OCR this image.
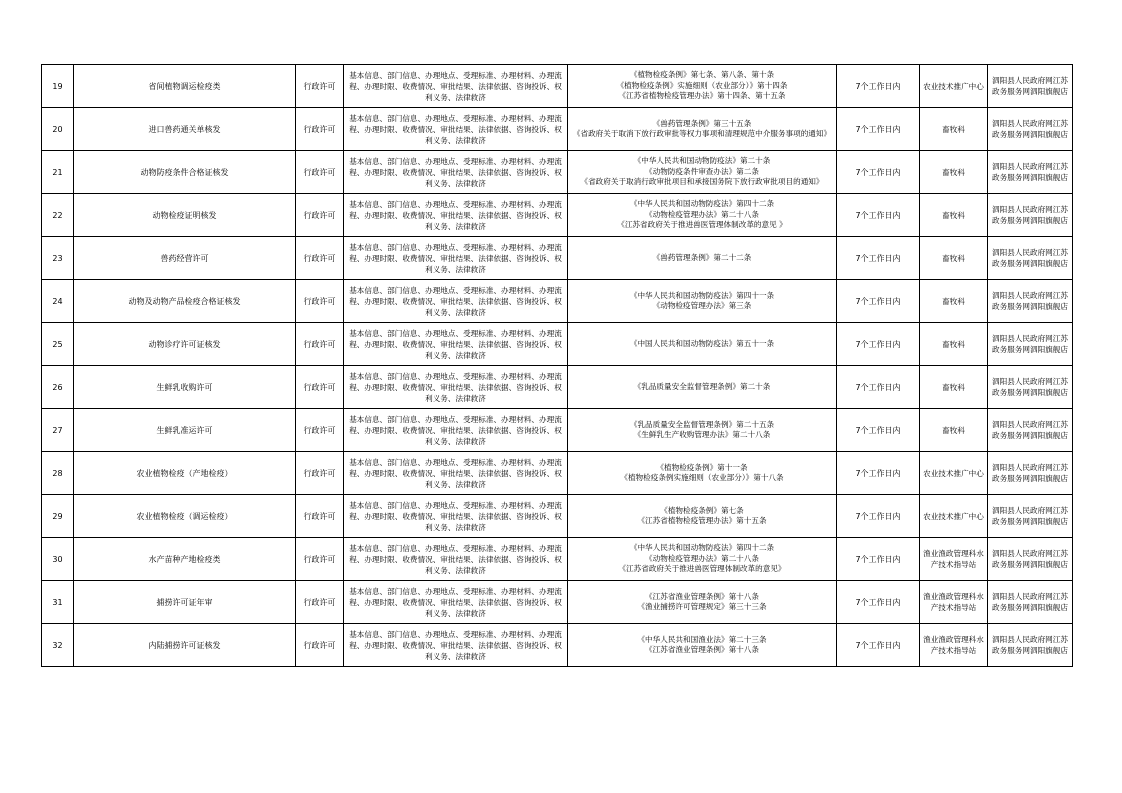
19	省间植物调运检疫类	行政许可	基本信息、部门信息、办理地点、受理标准、办理材料、办理流程、办理时限、收费情况、审批结果、法律依据、咨询投诉、权利义务、法律救济	《植物检疫条例》第七条、第八条、第十条
《植物检疫条例》实施细则（农业部分）》第十四条
《江苏省植物检疫管理办法》第十四条、第十五条	7个工作日内	农业技术推广中心	泗阳县人民政府网江苏政务服务网泗阳旗舰店
20	进口兽药通关单核发	行政许可	基本信息、部门信息、办理地点、受理标准、办理材料、办理流程、办理时限、收费情况、审批结果、法律依据、咨询投诉、权利义务、法律救济	《兽药管理条例》第三十五条
《省政府关于取消下放行政审批等权力事项和清理规范中介服务事项的通知》	7个工作日内	畜牧科	泗阳县人民政府网江苏政务服务网泗阳旗舰店
21	动物防疫条件合格证核发	行政许可	基本信息、部门信息、办理地点、受理标准、办理材料、办理流程、办理时限、收费情况、审批结果、法律依据、咨询投诉、权利义务、法律救济	《中华人民共和国动物防疫法》第二十条
《动物防疫条件审查办法》第二条
《省政府关于取消行政审批项目和承接国务院下放行政审批项目的通知》	7个工作日内	畜牧科	泗阳县人民政府网江苏政务服务网泗阳旗舰店
22	动物检疫证明核发	行政许可	基本信息、部门信息、办理地点、受理标准、办理材料、办理流程、办理时限、收费情况、审批结果、法律依据、咨询投诉、权利义务、法律救济	《中华人民共和国动物防疫法》第四十二条
《动物检疫管理办法》第二十八条
《江苏省政府关于推进兽医管理体制改革的意见 》	7个工作日内	畜牧科	泗阳县人民政府网江苏政务服务网泗阳旗舰店
23	兽药经营许可	行政许可	基本信息、部门信息、办理地点、受理标准、办理材料、办理流程、办理时限、收费情况、审批结果、法律依据、咨询投诉、权利义务、法律救济	《兽药管理条例》第二十二条	7个工作日内	畜牧科	泗阳县人民政府网江苏政务服务网泗阳旗舰店
24	动物及动物产品检疫合格证核发	行政许可	基本信息、部门信息、办理地点、受理标准、办理材料、办理流程、办理时限、收费情况、审批结果、法律依据、咨询投诉、权利义务、法律救济	《中华人民共和国动物防疫法》第四十一条
《动物检疫管理办法》第三条	7个工作日内	畜牧科	泗阳县人民政府网江苏政务服务网泗阳旗舰店
25	动物诊疗许可证核发	行政许可	基本信息、部门信息、办理地点、受理标准、办理材料、办理流程、办理时限、收费情况、审批结果、法律依据、咨询投诉、权利义务、法律救济	《中国人民共和国动物防疫法》第五十一条	7个工作日内	畜牧科	泗阳县人民政府网江苏政务服务网泗阳旗舰店
26	生鲜乳收购许可	行政许可	基本信息、部门信息、办理地点、受理标准、办理材料、办理流程、办理时限、收费情况、审批结果、法律依据、咨询投诉、权利义务、法律救济	《乳品质量安全监督管理条例》第二十条	7个工作日内	畜牧科	泗阳县人民政府网江苏政务服务网泗阳旗舰店
27	生鲜乳准运许可	行政许可	基本信息、部门信息、办理地点、受理标准、办理材料、办理流程、办理时限、收费情况、审批结果、法律依据、咨询投诉、权利义务、法律救济	《乳品质量安全监督管理条例》第二十五条
《生鲜乳生产收购管理办法》第二十八条	7个工作日内	畜牧科	泗阳县人民政府网江苏政务服务网泗阳旗舰店
28	农业植物检疫（产地检疫）	行政许可	基本信息、部门信息、办理地点、受理标准、办理材料、办理流程、办理时限、收费情况、审批结果、法律依据、咨询投诉、权利义务、法律救济	《植物检疫条例》第十一条
《植物检疫条例实施细则（农业部分）》第十八条	7个工作日内	农业技术推广中心	泗阳县人民政府网江苏政务服务网泗阳旗舰店
29	农业植物检疫（调运检疫）	行政许可	基本信息、部门信息、办理地点、受理标准、办理材料、办理流程、办理时限、收费情况、审批结果、法律依据、咨询投诉、权利义务、法律救济	《植物检疫条例》第七条
《江苏省植物检疫管理办法》第十五条	7个工作日内	农业技术推广中心	泗阳县人民政府网江苏政务服务网泗阳旗舰店
30	水产苗种产地检疫类	行政许可	基本信息、部门信息、办理地点、受理标准、办理材料、办理流程、办理时限、收费情况、审批结果、法律依据、咨询投诉、权利义务、法律救济	《中华人民共和国动物防疫法》第四十二条
《动物检疫管理办法》第二十八条
《江苏省政府关于推进兽医管理体制改革的意见》	7个工作日内	渔业渔政管理科水产技术指导站	泗阳县人民政府网江苏政务服务网泗阳旗舰店
31	捕捞许可证年审	行政许可	基本信息、部门信息、办理地点、受理标准、办理材料、办理流程、办理时限、收费情况、审批结果、法律依据、咨询投诉、权利义务、法律救济	《江苏省渔业管理条例》第十八条
《渔业捕捞许可管理规定》第三十三条	7个工作日内	渔业渔政管理科水产技术指导站	泗阳县人民政府网江苏政务服务网泗阳旗舰店
32	内陆捕捞许可证核发	行政许可	基本信息、部门信息、办理地点、受理标准、办理材料、办理流程、办理时限、收费情况、审批结果、法律依据、咨询投诉、权利义务、法律救济	《中华人民共和国渔业法》第二十三条
《江苏省渔业管理条例》第十八条	7个工作日内	渔业渔政管理科水产技术指导站	泗阳县人民政府网江苏政务服务网泗阳旗舰店
